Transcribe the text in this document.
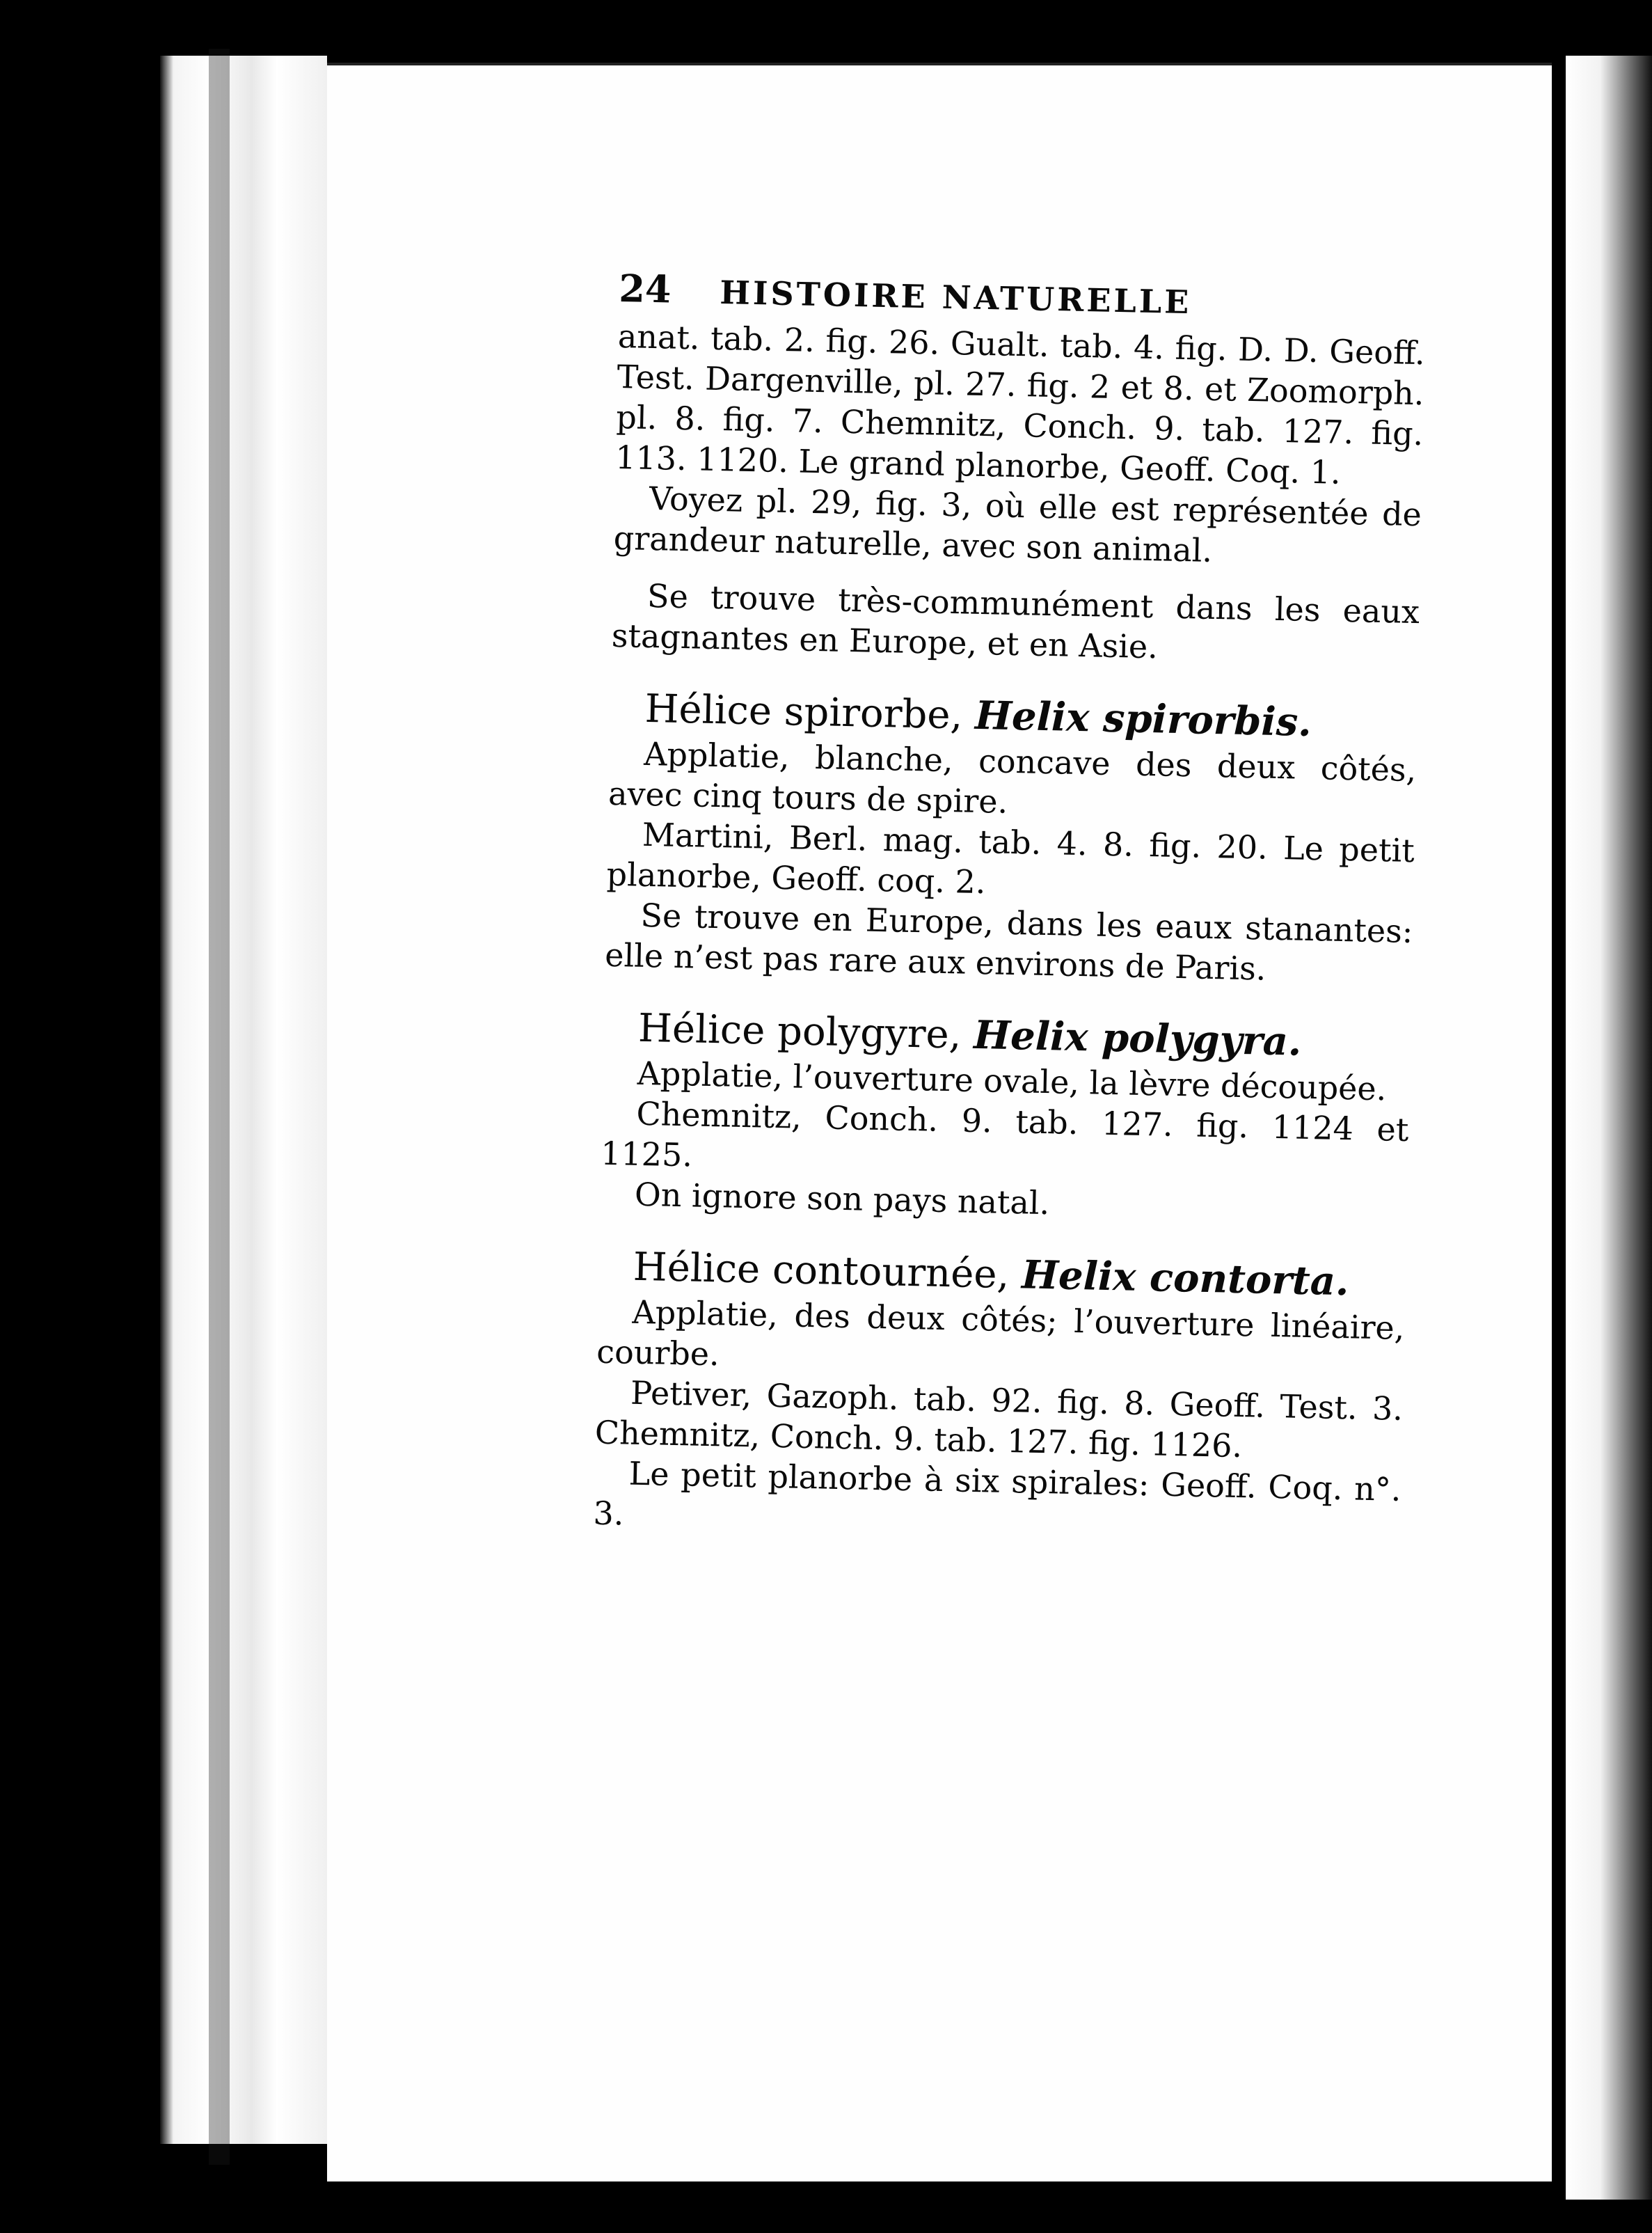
24 HISTOIRE NATURELLE

anat. tab. 2. fig. 26. Gualt. tab. 4. fig. D. D. Geoff. Test. Dargenville, pl. 27. fig. 2 et 8. et Zoomorph. pl. 8. fig. 7. Chemnitz, Conch. 9. tab. 127. fig. 113. 1120. Le grand planorbe, Geoff. Coq. 1.

Voyez pl. 29, fig. 3, où elle est représentée de grandeur naturelle, avec son animal.

Se trouve très-communément dans les eaux stagnantes en Europe, et en Asie.

Hélice spirorbe, Helix spirorbis.

Applatie, blanche, concave des deux côtés, avec cinq tours de spire.

Martini, Berl. mag. tab. 4. 8. fig. 20. Le petit planorbe, Geoff. coq. 2.

Se trouve en Europe, dans les eaux stanantes: elle n’est pas rare aux environs de Paris.

Hélice polygyre, Helix polygyra.

Applatie, l’ouverture ovale, la lèvre découpée.

Chemnitz, Conch. 9. tab. 127. fig. 1124 et 1125.

On ignore son pays natal.

Hélice contournée, Helix contorta.

Applatie, des deux côtés; l’ouverture linéaire, courbe.

Petiver, Gazoph. tab. 92. fig. 8. Geoff. Test. 3. Chemnitz, Conch. 9. tab. 127. fig. 1126.

Le petit planorbe à six spirales: Geoff. Coq. n°. 3.
